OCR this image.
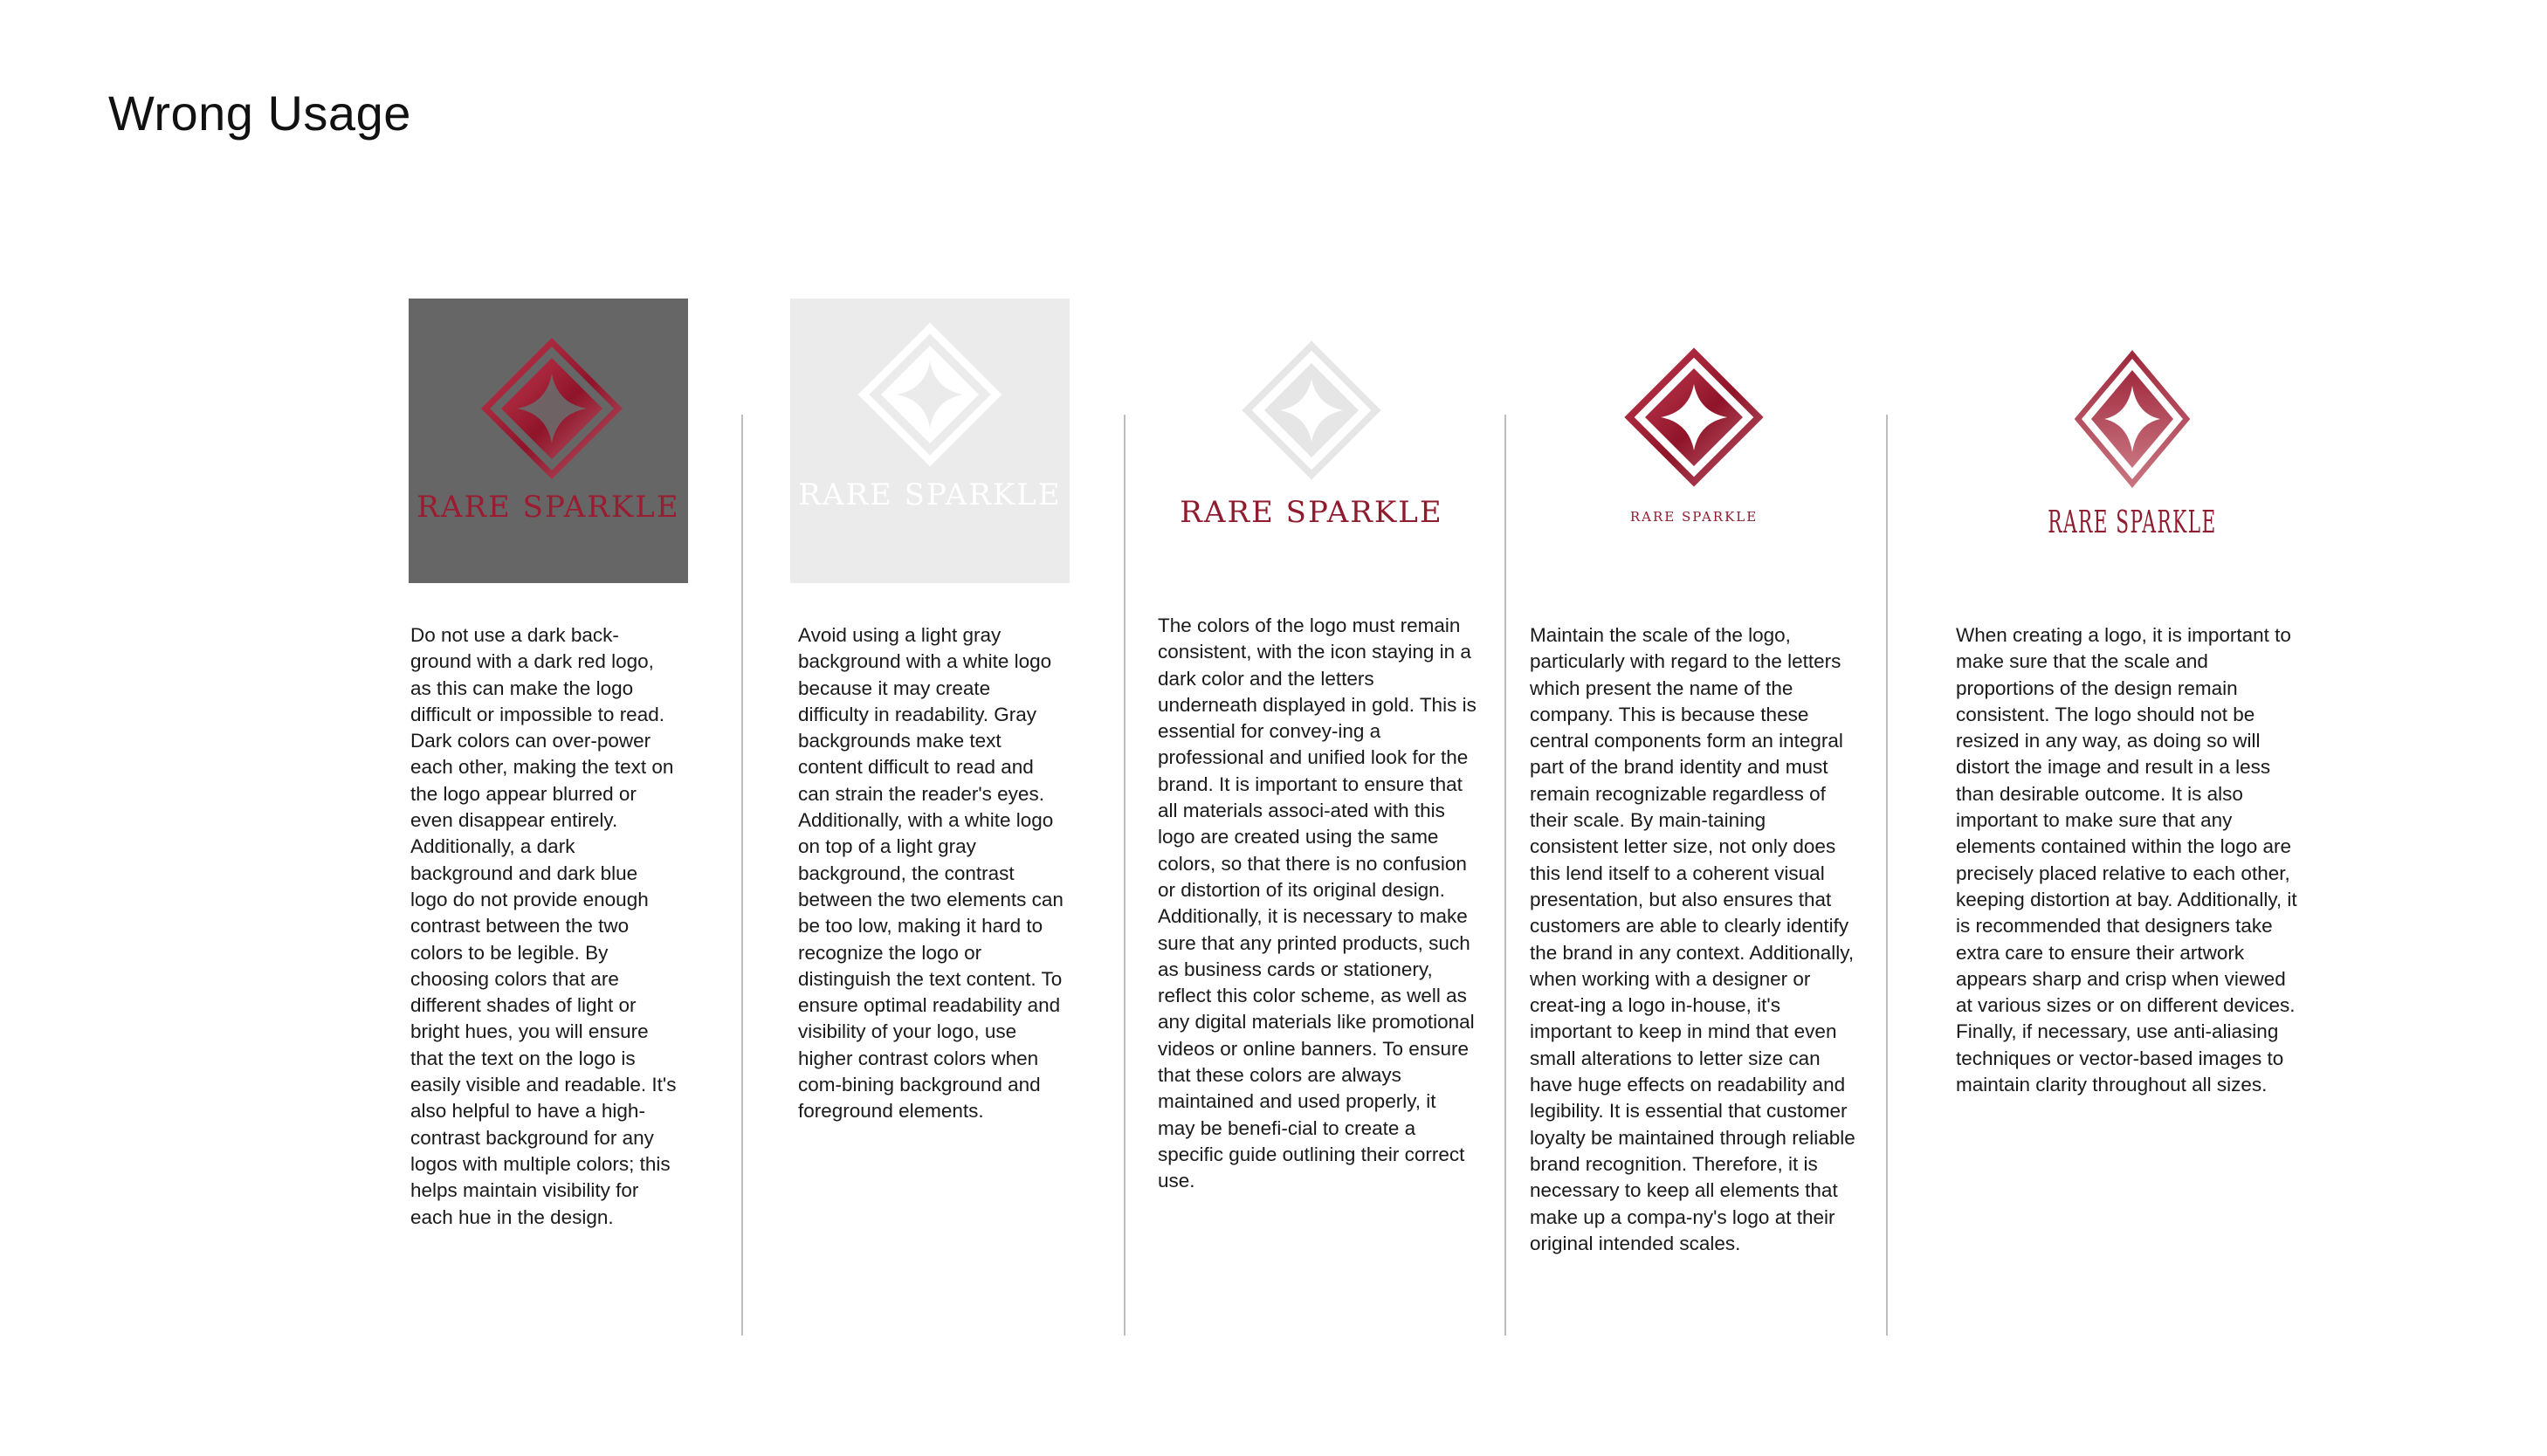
Wrong Usage
RARE SPARKLE

Do not use a dark back-ground with a dark red logo, as this can make the logo difficult or impossible to read. Dark colors can over-power each other, making the text on the logo appear blurred or even disappear entirely. Additionally, a dark background and dark blue logo do not provide enough contrast between the two colors to be legible. By choosing colors that are different shades of light or bright hues, you will ensure that the text on the logo is easily visible and readable. It's also helpful to have a high-contrast background for any logos with multiple colors; this helps maintain visibility for each hue in the design.

RARE SPARKLE

Avoid using a light gray background with a white logo because it may create difficulty in readability. Gray backgrounds make text content difficult to read and can strain the reader's eyes. Additionally, with a white logo on top of a light gray background, the contrast between the two elements can be too low, making it hard to recognize the logo or distinguish the text content. To ensure optimal readability and visibility of your logo, use higher contrast colors when com-bining background and foreground elements.

RARE SPARKLE

The colors of the logo must remain consistent, with the icon staying in a dark color and the letters underneath displayed in gold. This is essential for convey-ing a professional and unified look for the brand. It is important to ensure that all materials associ-ated with this logo are created using the same colors, so that there is no confusion or distortion of its original design. Additionally, it is necessary to make sure that any printed products, such as business cards or stationery, reflect this color scheme, as well as any digital materials like promotional videos or online banners. To ensure that these colors are always maintained and used properly, it may be benefi-cial to create a specific guide outlining their correct use.

RARE SPARKLE

Maintain the scale of the logo, particularly with regard to the letters which present the name of the company. This is because these central components form an integral part of the brand identity and must remain recognizable regardless of their scale. By main-taining consistent letter size, not only does this lend itself to a coherent visual presentation, but also ensures that customers are able to clearly identify the brand in any context. Additionally, when working with a designer or creat-ing a logo in-house, it's important to keep in mind that even small alterations to letter size can have huge effects on readability and legibility. It is essential that customer loyalty be maintained through reliable brand recognition. Therefore, it is necessary to keep all elements that make up a compa-ny's logo at their original intended scales.

RARE SPARKLE

When creating a logo, it is important to make sure that the scale and proportions of the design remain consistent. The logo should not be resized in any way, as doing so will distort the image and result in a less than desirable outcome. It is also important to make sure that any elements contained within the logo are precisely placed relative to each other, keeping distortion at bay. Additionally, it is recommended that designers take extra care to ensure their artwork appears sharp and crisp when viewed at various sizes or on different devices. Finally, if necessary, use anti-aliasing techniques or vector-based images to maintain clarity throughout all sizes.
